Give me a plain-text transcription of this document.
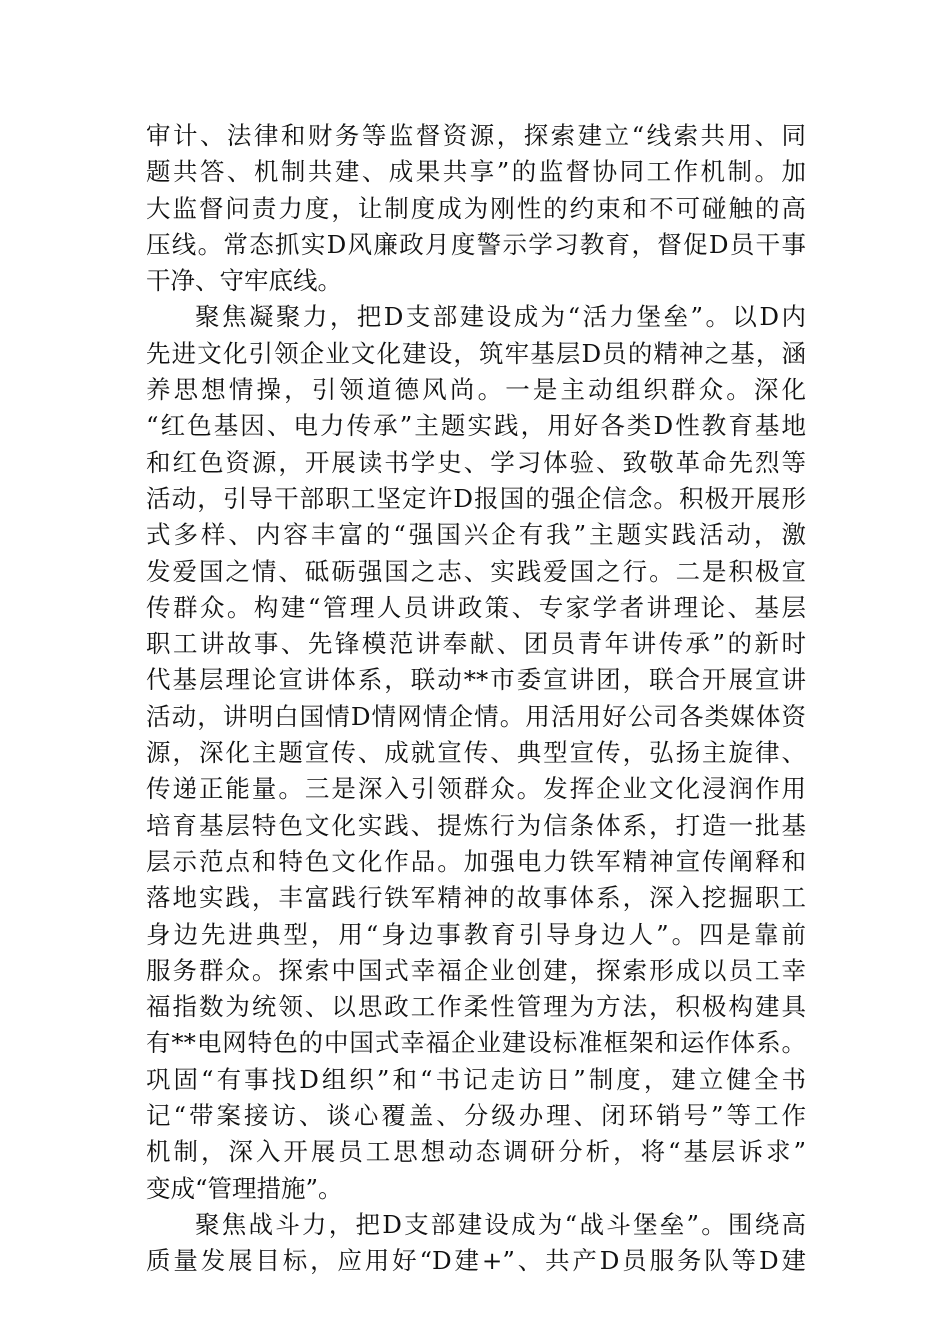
审计、法律和财务等监督资源，探索建立“线索共用、同
题共答、机制共建、成果共享”的监督协同工作机制。加
大监督问责力度，让制度成为刚性的约束和不可碰触的高
压线。常态抓实D风廉政月度警示学习教育，督促D员干事
干净、守牢底线。
聚焦凝聚力，把D支部建设成为“活力堡垒”。以D内
先进文化引领企业文化建设，筑牢基层D员的精神之基，涵
养思想情操，引领道德风尚。一是主动组织群众。深化
“红色基因、电力传承”主题实践，用好各类D性教育基地
和红色资源，开展读书学史、学习体验、致敬革命先烈等
活动，引导干部职工坚定许D报国的强企信念。积极开展形
式多样、内容丰富的“强国兴企有我”主题实践活动，激
发爱国之情、砥砺强国之志、实践爱国之行。二是积极宣
传群众。构建“管理人员讲政策、专家学者讲理论、基层
职工讲故事、先锋模范讲奉献、团员青年讲传承”的新时
代基层理论宣讲体系，联动**市委宣讲团，联合开展宣讲
活动，讲明白国情D情网情企情。用活用好公司各类媒体资
源，深化主题宣传、成就宣传、典型宣传，弘扬主旋律、
传递正能量。三是深入引领群众。发挥企业文化浸润作用
培育基层特色文化实践、提炼行为信条体系，打造一批基
层示范点和特色文化作品。加强电力铁军精神宣传阐释和
落地实践，丰富践行铁军精神的故事体系，深入挖掘职工
身边先进典型，用“身边事教育引导身边人”。四是靠前
服务群众。探索中国式幸福企业创建，探索形成以员工幸
福指数为统领、以思政工作柔性管理为方法，积极构建具
有**电网特色的中国式幸福企业建设标准框架和运作体系。
巩固“有事找D组织”和“书记走访日”制度，建立健全书
记“带案接访、谈心覆盖、分级办理、闭环销号”等工作
机制，深入开展员工思想动态调研分析，将“基层诉求”
变成“管理措施”。
聚焦战斗力，把D支部建设成为“战斗堡垒”。围绕高
质量发展目标，应用好“D建+”、共产D员服务队等D建
